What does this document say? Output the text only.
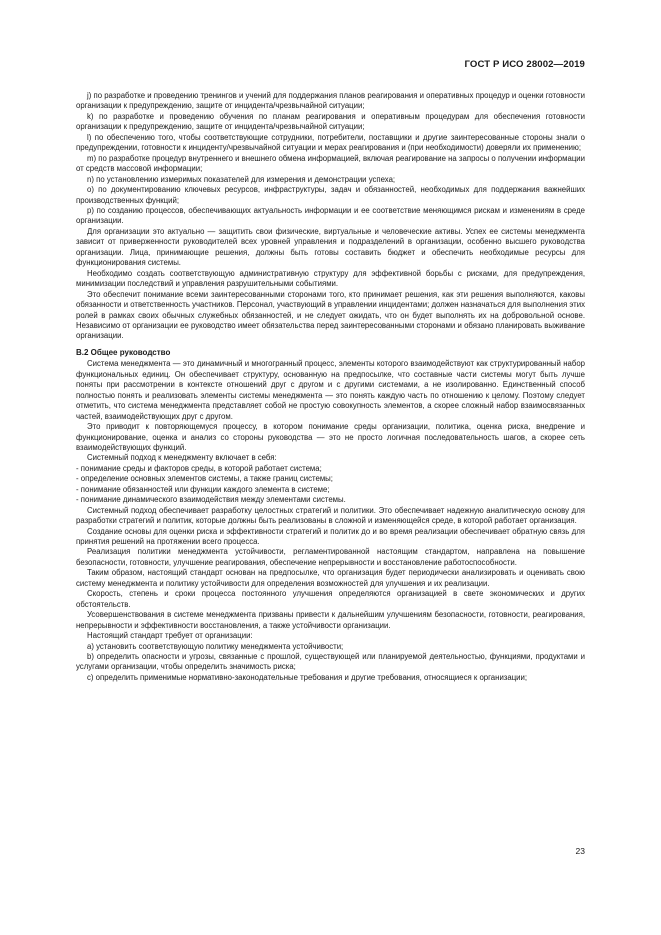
ГОСТ Р ИСО 28002—2019

j) по разработке и проведению тренингов и учений для поддержания планов реагирования и оперативных процедур и оценки готовности организации к предупреждению, защите от инцидента/чрезвычайной ситуации;

k) по разработке и проведению обучения по планам реагирования и оперативным процедурам для обеспечения готовности организации к предупреждению, защите от инцидента/чрезвычайной ситуации;

l) по обеспечению того, чтобы соответствующие сотрудники, потребители, поставщики и другие заинтересованные стороны знали о предупреждении, готовности к инциденту/чрезвычайной ситуации и мерах реагирования и (при необходимости) доверяли их применению;

m) по разработке процедур внутреннего и внешнего обмена информацией, включая реагирование на запросы о получении информации от средств массовой информации;

n) по установлению измеримых показателей для измерения и демонстрации успеха;

o) по документированию ключевых ресурсов, инфраструктуры, задач и обязанностей, необходимых для поддержания важнейших производственных функций;

p) по созданию процессов, обеспечивающих актуальность информации и ее соответствие меняющимся рискам и изменениям в среде организации.

Для организации это актуально — защитить свои физические, виртуальные и человеческие активы. Успех ее системы менеджмента зависит от приверженности руководителей всех уровней управления и подразделений в организации, особенно высшего руководства организации. Лица, принимающие решения, должны быть готовы составить бюджет и обеспечить необходимые ресурсы для функционирования системы.

Необходимо создать соответствующую административную структуру для эффективной борьбы с рисками, для предупреждения, минимизации последствий и управления разрушительными событиями.

Это обеспечит понимание всеми заинтересованными сторонами того, кто принимает решения, как эти решения выполняются, каковы обязанности и ответственность участников. Персонал, участвующий в управлении инцидентами; должен назначаться для выполнения этих ролей в рамках своих обычных служебных обязанностей, и не следует ожидать, что он будет выполнять их на добровольной основе. Независимо от организации ее руководство имеет обязательства перед заинтересованными сторонами и обязано планировать выживание организации.

В.2 Общее руководство

Система менеджмента — это динамичный и многогранный процесс, элементы которого взаимодействуют как структурированный набор функциональных единиц. Он обеспечивает структуру, основанную на предпосылке, что составные части системы могут быть лучше поняты при рассмотрении в контексте отношений друг с другом и с другими системами, а не изолированно. Единственный способ полностью понять и реализовать элементы системы менеджмента — это понять каждую часть по отношению к целому. Поэтому следует отметить, что система менеджмента представляет собой не простую совокупность элементов, а скорее сложный набор взаимосвязанных частей, взаимодействующих друг с другом.

Это приводит к повторяющемуся процессу, в котором понимание среды организации, политика, оценка риска, внедрение и функционирование, оценка и анализ со стороны руководства — это не просто логичная последовательность шагов, а скорее сеть взаимодействующих функций.

Системный подход к менеджменту включает в себя:

- понимание среды и факторов среды, в которой работает система;

- определение основных элементов системы, а также границ системы;

- понимание обязанностей или функции каждого элемента в системе;

- понимание динамического взаимодействия между элементами системы.

Системный подход обеспечивает разработку целостных стратегий и политики. Это обеспечивает надежную аналитическую основу для разработки стратегий и политик, которые должны быть реализованы в сложной и изменяющейся среде, в которой работает организация.

Создание основы для оценки риска и эффективности стратегий и политик до и во время реализации обеспечивает обратную связь для принятия решений на протяжении всего процесса.

Реализация политики менеджмента устойчивости, регламентированной настоящим стандартом, направлена на повышение безопасности, готовности, улучшение реагирования, обеспечение непрерывности и восстановление работоспособности.

Таким образом, настоящий стандарт основан на предпосылке, что организация будет периодически анализировать и оценивать свою систему менеджмента и политику устойчивости для определения возможностей для улучшения и их реализации.

Скорость, степень и сроки процесса постоянного улучшения определяются организацией в свете экономических и других обстоятельств.

Усовершенствования в системе менеджмента призваны привести к дальнейшим улучшениям безопасности, готовности, реагирования, непрерывности и эффективности восстановления, а также устойчивости организации.

Настоящий стандарт требует от организации:

a) установить соответствующую политику менеджмента устойчивости;

b) определить опасности и угрозы, связанные с прошлой, существующей или планируемой деятельностью, функциями, продуктами и услугами организации, чтобы определить значимость риска;

c) определить применимые нормативно-законодательные требования и другие требования, относящиеся к организации;

23
